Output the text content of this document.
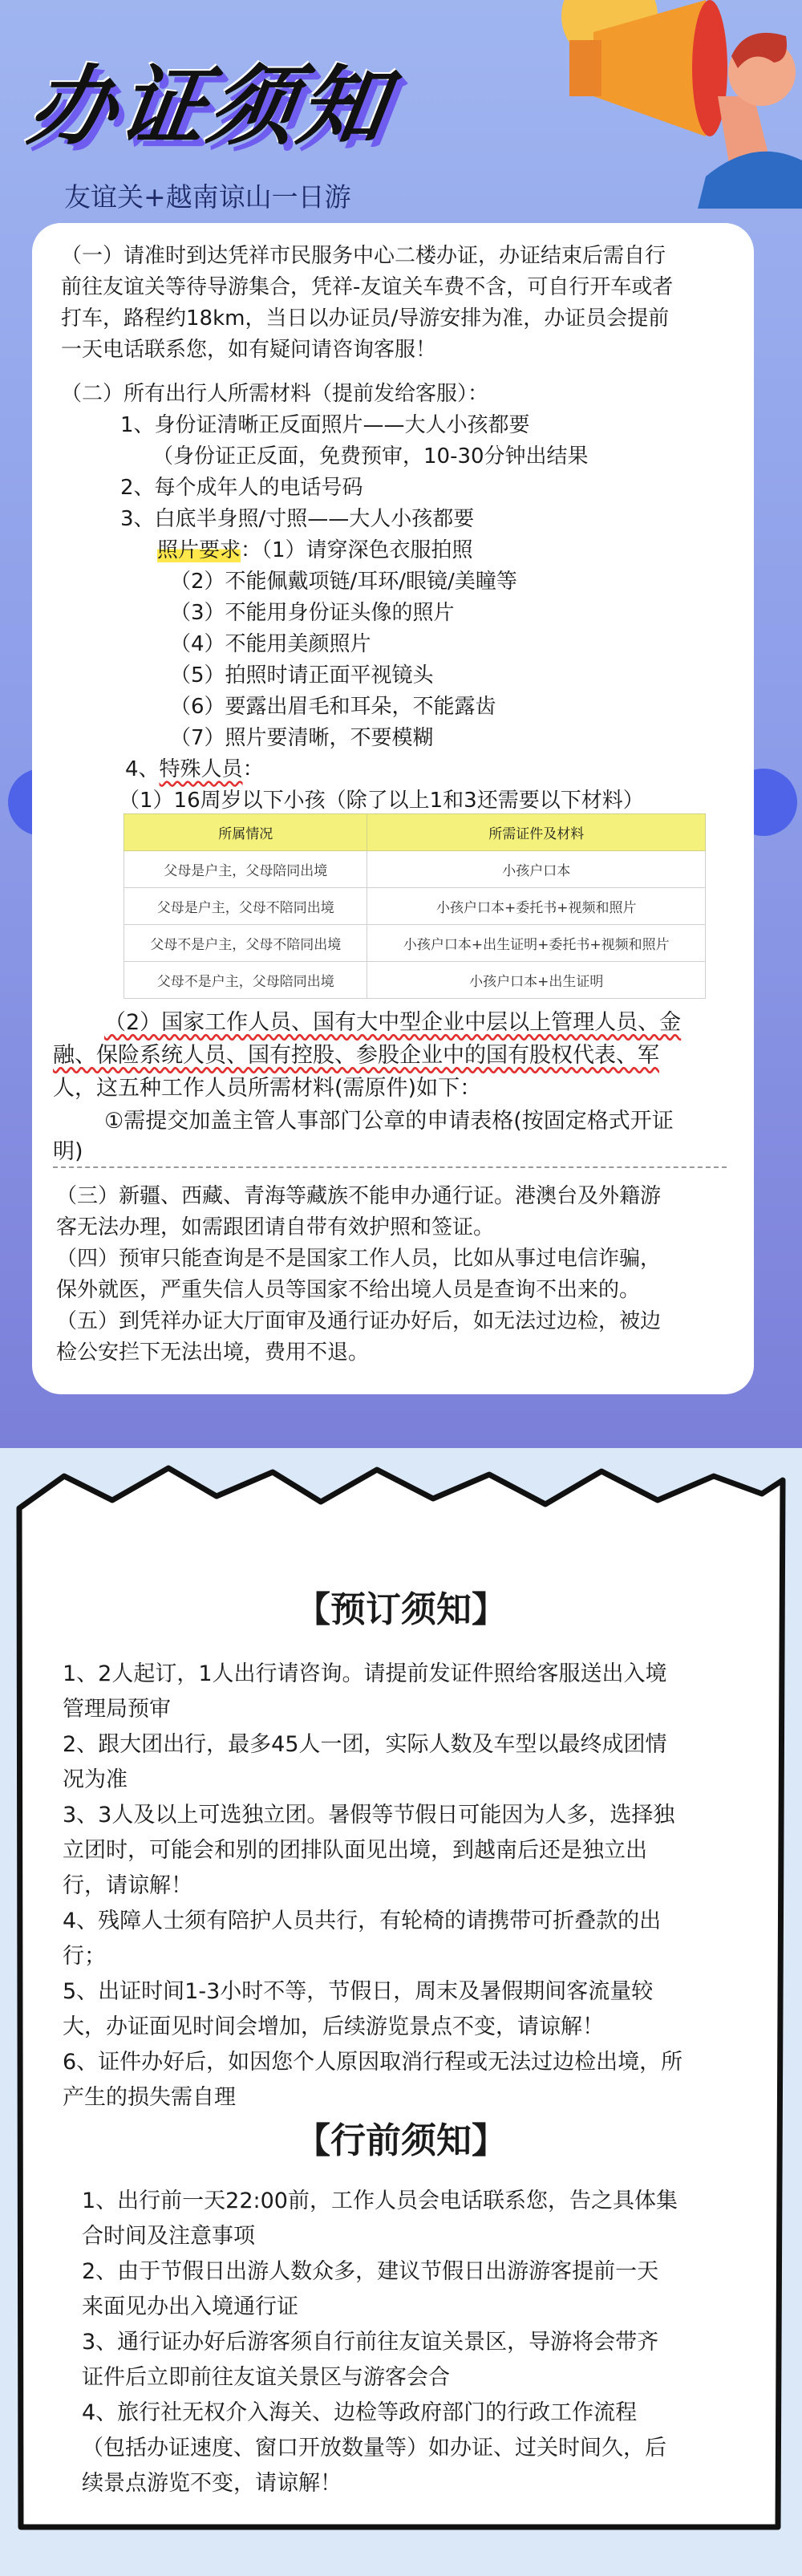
办证须知
友谊关+越南谅山一日游
（一）请准时到达凭祥市民服务中心二楼办证，办证结束后需自行
前往友谊关等待导游集合，凭祥-友谊关车费不含，可自行开车或者
打车，路程约18km，当日以办证员/导游安排为准，办证员会提前
一天电话联系您，如有疑问请咨询客服！
（二）所有出行人所需材料（提前发给客服）：
1、身份证清晰正反面照片——大人小孩都要
（身份证正反面，免费预审，10-30分钟出结果
2、每个成年人的电话号码
3、白底半身照/寸照——大人小孩都要
照片要求：（1）请穿深色衣服拍照
（2）不能佩戴项链/耳环/眼镜/美瞳等
（3）不能用身份证头像的照片
（4）不能用美颜照片
（5）拍照时请正面平视镜头
（6）要露出眉毛和耳朵，不能露齿
（7）照片要清晰，不要模糊
4、特殊人员：
（1）16周岁以下小孩（除了以上1和3还需要以下材料）
所属情况	所需证件及材料
父母是户主，父母陪同出境	小孩户口本
父母是户主，父母不陪同出境	小孩户口本+委托书+视频和照片
父母不是户主，父母不陪同出境	小孩户口本+出生证明+委托书+视频和照片
父母不是户主，父母陪同出境	小孩户口本+出生证明
（2）国家工作人员、国有大中型企业中层以上管理人员、金
融、保险系统人员、国有控股、参股企业中的国有股权代表、军
人，这五种工作人员所需材料(需原件)如下：
①需提交加盖主管人事部门公章的申请表格(按固定格式开证
明)
（三）新疆、西藏、青海等藏族不能申办通行证。港澳台及外籍游
客无法办理，如需跟团请自带有效护照和签证。
（四）预审只能查询是不是国家工作人员，比如从事过电信诈骗，
保外就医，严重失信人员等国家不给出境人员是查询不出来的。
（五）到凭祥办证大厅面审及通行证办好后，如无法过边检，被边
检公安拦下无法出境，费用不退。
【预订须知】
1、2人起订，1人出行请咨询。请提前发证件照给客服送出入境
管理局预审
2、跟大团出行，最多45人一团，实际人数及车型以最终成团情
况为准
3、3人及以上可选独立团。暑假等节假日可能因为人多，选择独
立团时，可能会和别的团排队面见出境，到越南后还是独立出
行，请谅解！
4、残障人士须有陪护人员共行，有轮椅的请携带可折叠款的出
行；
5、出证时间1-3小时不等，节假日，周末及暑假期间客流量较
大，办证面见时间会增加，后续游览景点不变，请谅解！
6、证件办好后，如因您个人原因取消行程或无法过边检出境，所
产生的损失需自理
【行前须知】
1、出行前一天22:00前，工作人员会电话联系您，告之具体集
合时间及注意事项
2、由于节假日出游人数众多，建议节假日出游游客提前一天
来面见办出入境通行证
3、通行证办好后游客须自行前往友谊关景区，导游将会带齐
证件后立即前往友谊关景区与游客会合
4、旅行社无权介入海关、边检等政府部门的行政工作流程
（包括办证速度、窗口开放数量等）如办证、过关时间久，后
续景点游览不变，请谅解！
